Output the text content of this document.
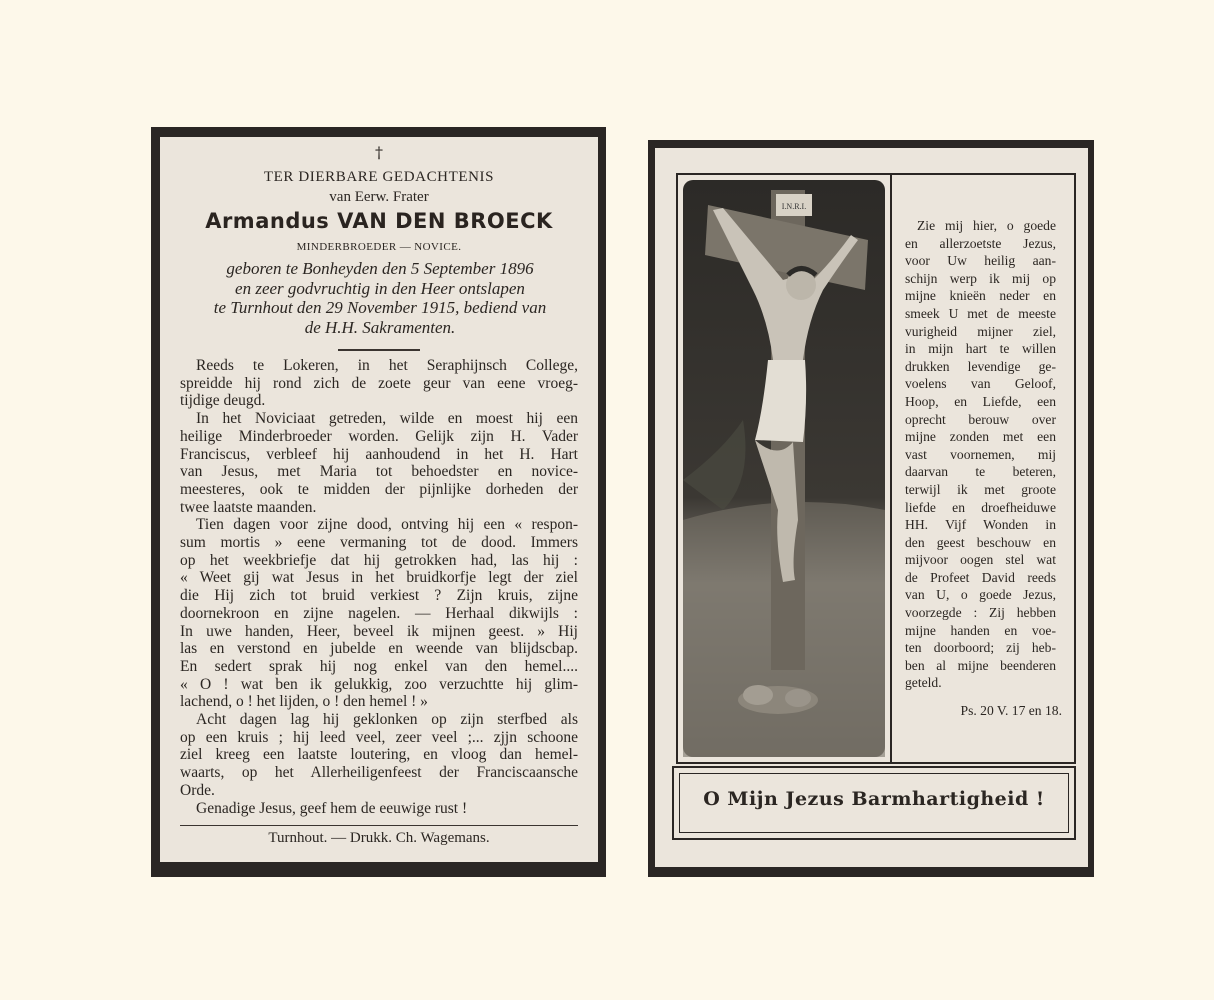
†
TER DIERBARE GEDACHTENIS
van Eerw. Frater
Armandus VAN DEN BROECK
MINDERBROEDER — NOVICE.
geboren te Bonheyden den 5 September 1896
en zeer godvruchtig in den Heer ontslapen
te Turnhout den 29 November 1915, bediend van
de H.H. Sakramenten.
Reeds te Lokeren, in het Seraphijnsch College,
spreidde hij rond zich de zoete geur van eene vroeg-
tijdige deugd.
In het Noviciaat getreden, wilde en moest hij een
heilige Minderbroeder worden. Gelijk zijn H. Vader
Franciscus, verbleef hij aanhoudend in het H. Hart
van Jesus, met Maria tot behoedster en novice-
meesteres, ook te midden der pijnlijke dorheden der
twee laatste maanden.
Tien dagen voor zijne dood, ontving hij een « respon-
sum mortis » eene vermaning tot de dood. Immers
op het weekbriefje dat hij getrokken had, las hij :
« Weet gij wat Jesus in het bruidkorfje legt der ziel
die Hij zich tot bruid verkiest ? Zijn kruis, zijne
doornekroon en zijne nagelen. — Herhaal dikwijls :
In uwe handen, Heer, beveel ik mijnen geest. » Hij
las en verstond en jubelde en weende van blijdscbap.
En sedert sprak hij nog enkel van den hemel....
« O ! wat ben ik gelukkig, zoo verzuchtte hij glim-
lachend, o ! het lijden, o ! den hemel ! »
Acht dagen lag hij geklonken op zijn sterfbed als
op een kruis ; hij leed veel, zeer veel ;... zjjn schoone
ziel kreeg een laatste loutering, en vloog dan hemel-
waarts, op het Allerheiligenfeest der Franciscaansche
Orde.
Genadige Jesus, geef hem de eeuwige rust !
Turnhout. — Drukk. Ch. Wagemans.
I.N.R.I.
Zie mij hier, o goede
en allerzoetste Jezus,
voor Uw heilig aan-
schijn werp ik mij op
mijne knieën neder en
smeek U met de meeste
vurigheid mijner ziel,
in mijn hart te willen
drukken levendige ge-
voelens van Geloof,
Hoop, en Liefde, een
oprecht berouw over
mijne zonden met een
vast voornemen, mij
daarvan te beteren,
terwijl ik met groote
liefde en droefheiduwe
HH. Vijf Wonden in
den geest beschouw en
mijvoor oogen stel wat
de Profeet David reeds
van U, o goede Jezus,
voorzegde : Zij hebben
mijne handen en voe-
ten doorboord; zij heb-
ben al mijne beenderen
geteld.
Ps. 20 V. 17 en 18.
O Mijn Jezus Barmhartigheid !
